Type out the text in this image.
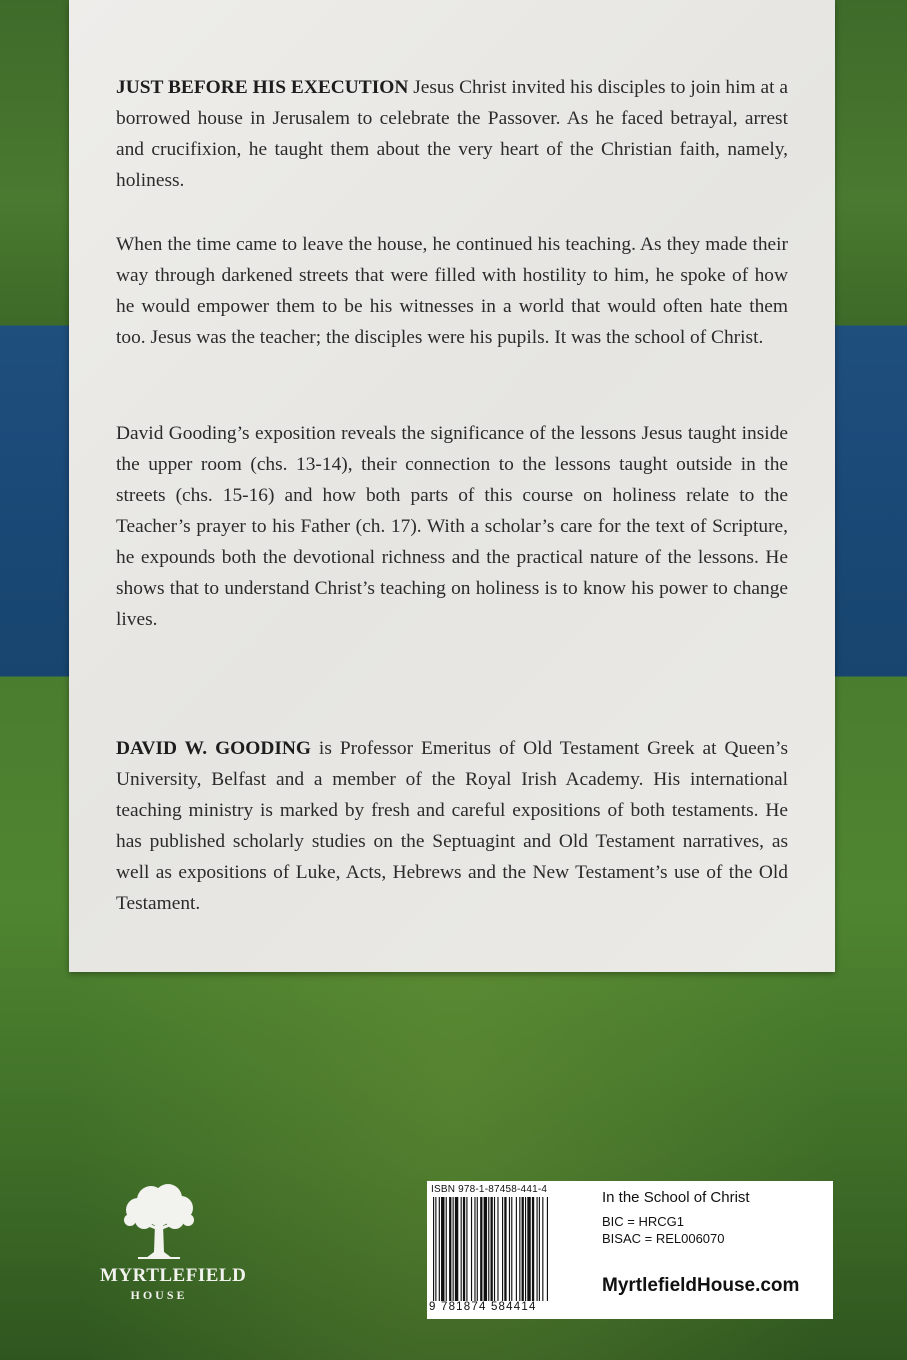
JUST BEFORE HIS EXECUTION Jesus Christ invited his disciples to join him at a borrowed house in Jerusalem to celebrate the Passover. As he faced betrayal, arrest and crucifixion, he taught them about the very heart of the Christian faith, namely, holiness.

When the time came to leave the house, he continued his teaching. As they made their way through darkened streets that were filled with hostility to him, he spoke of how he would empower them to be his witnesses in a world that would often hate them too. Jesus was the teacher; the disciples were his pupils. It was the school of Christ.

David Gooding’s exposition reveals the significance of the lessons Jesus taught inside the upper room (chs. 13-14), their connection to the lessons taught outside in the streets (chs. 15-16) and how both parts of this course on holiness relate to the Teacher’s prayer to his Father (ch. 17). With a scholar’s care for the text of Scripture, he expounds both the devotional richness and the practical nature of the lessons. He shows that to understand Christ’s teaching on holiness is to know his power to change lives.

DAVID W. GOODING is Professor Emeritus of Old Testament Greek at Queen’s University, Belfast and a member of the Royal Irish Academy. His international teaching ministry is marked by fresh and careful expositions of both testaments. He has published scholarly studies on the Septuagint and Old Testament narratives, as well as expositions of Luke, Acts, Hebrews and the New Testament’s use of the Old Testament.

MYRTLEFIELD
HOUSE
ISBN 978-1-87458-441-4
9 781874 584414
In the School of Christ
BIC = HRCG1
BISAC = REL006070
MyrtlefieldHouse.com
